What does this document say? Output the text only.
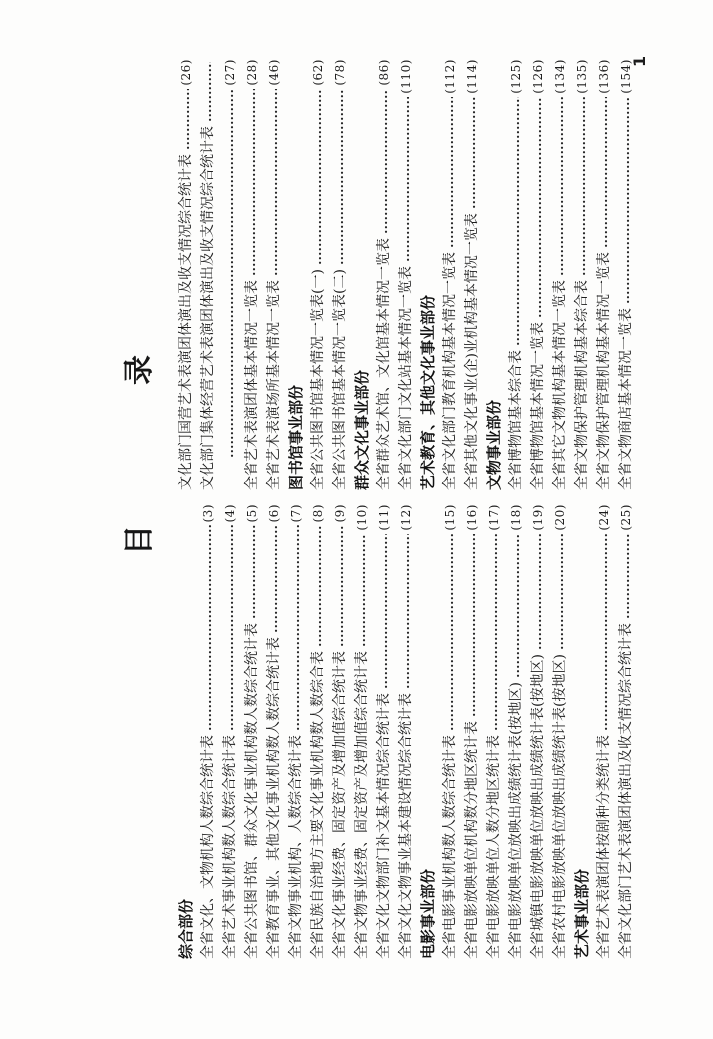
目
录
综合部份 全省文化、文物机构人数综合统计表
(3)
全省艺术事业机构数人数综合统计表
(4)
全省公共图书馆、群众文化事业机构数人数综合统计表
(5)
全省教育事业、其他文化事业机构数人数综合统计表
(6)
全省文物事业机构、人数综合统计表
(7)
全省民族自治地方主要文化事业机构数人数综合表
(8)
全省文化事业经费、固定资产及增加值综合统计表
(9)
全省文物事业经费、固定资产及增加值综合统计表
(10)
全省文化文物部门补文基本情况综合统计表
(11)
全省文化文物事业基本建设情况综合统计表
(12)
电影事业部份 全省电影事业机构数人数综合统计表
(15)
全省电影放映单位机构数分地区统计表
(16)
全省电影放映单位人数分地区统计表
(17)
全省电影放映单位放映出成绩统计表(按地区)
(18)
全省城镇电影放映单位放映出成绩统计表(按地区)
(19)
全省农村电影放映单位放映出成绩统计表(按地区)
(20)
艺术事业部份 全省艺术表演团体按剧种分类统计表
(24)
全省文化部门艺术表演团体演出及收支情况综合统计表
(25)
文化部门国营艺术表演团体演出及收支情况综合统计表
(26)
文化部门集体经营艺术表演团体演出及收支情况综合统计表
(27)
全省艺术表演团体基本情况一览表
(28)
全省艺术表演场所基本情况一览表
(46)
图书馆事业部份 全省公共图书馆基本情况一览表(一)
(62)
全省公共图书馆基本情况一览表(二)
(78)
群众文化事业部份 全省群众艺术馆、文化馆基本情况一览表
(86)
全省文化部门文化站基本情况一览表
(110)
艺术教育、其他文化事业部份 全省文化部门教育机构基本情况一览表
(112)
全省其他文化事业(企)业机构基本情况一览表
(114)
文物事业部份 全省博物馆基本综合表
(125)
全省博物馆基本情况一览表
(126)
全省其它文物机构基本情况一览表
(134)
全省文物保护管理机构基本综合表
(135)
全省文物保护管理机构基本情况一览表
(136)
全省文物商店基本情况一览表
(154)
1
